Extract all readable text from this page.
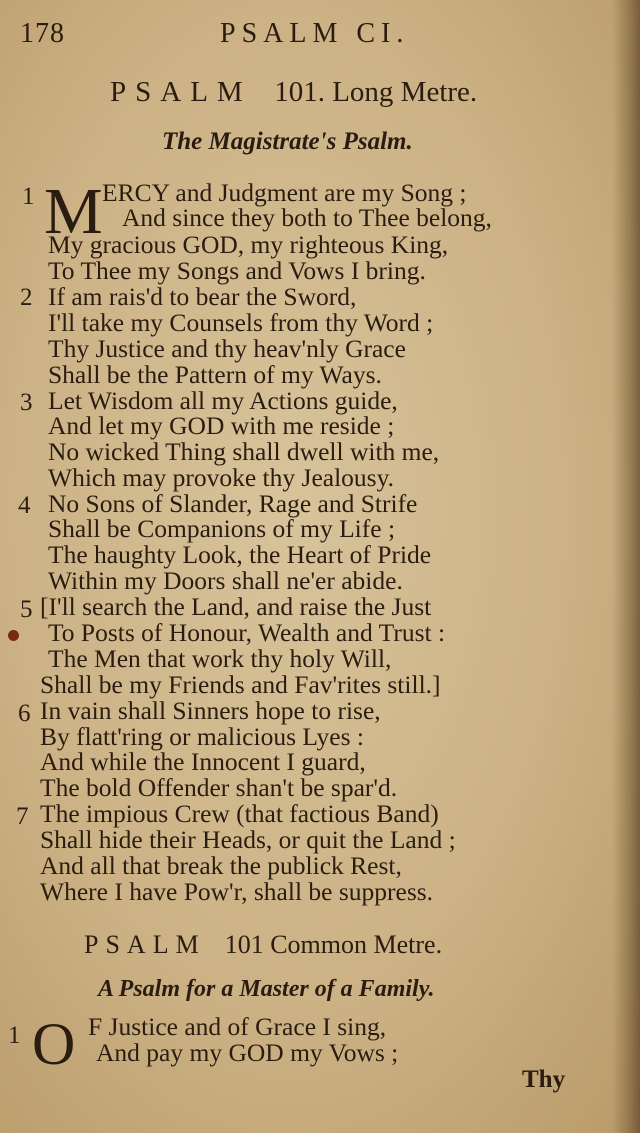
178	PSALM CI.
PSALM 101. Long Metre.
The Magistrate's Psalm.
1 M ERCY and Judgment are my Song ;
And since they both to Thee belong,
My gracious GOD, my righteous King,
To Thee my Songs and Vows I bring.
2 If am rais'd to bear the Sword,
I'll take my Counsels from thy Word ;
Thy Justice and thy heav'nly Grace
Shall be the Pattern of my Ways.
3 Let Wisdom all my Actions guide,
And let my GOD with me reside ;
No wicked Thing shall dwell with me,
Which may provoke thy Jealousy.
4 No Sons of Slander, Rage and Strife
Shall be Companions of my Life ;
The haughty Look, the Heart of Pride
Within my Doors shall ne'er abide.
5 [I'll search the Land, and raise the Just
To Posts of Honour, Wealth and Trust :
The Men that work thy holy Will,
Shall be my Friends and Fav'rites still.]
6 In vain shall Sinners hope to rise,
By flatt'ring or malicious Lyes :
And while the Innocent I guard,
The bold Offender shan't be spar'd.
7 The impious Crew (that factious Band)
Shall hide their Heads, or quit the Land ;
And all that break the publick Rest,
Where I have Pow'r, shall be suppress.
PSALM 101 Common Metre.
A Psalm for a Master of a Family.
1 O F Justice and of Grace I sing,
And pay my GOD my Vows ;
Thy
